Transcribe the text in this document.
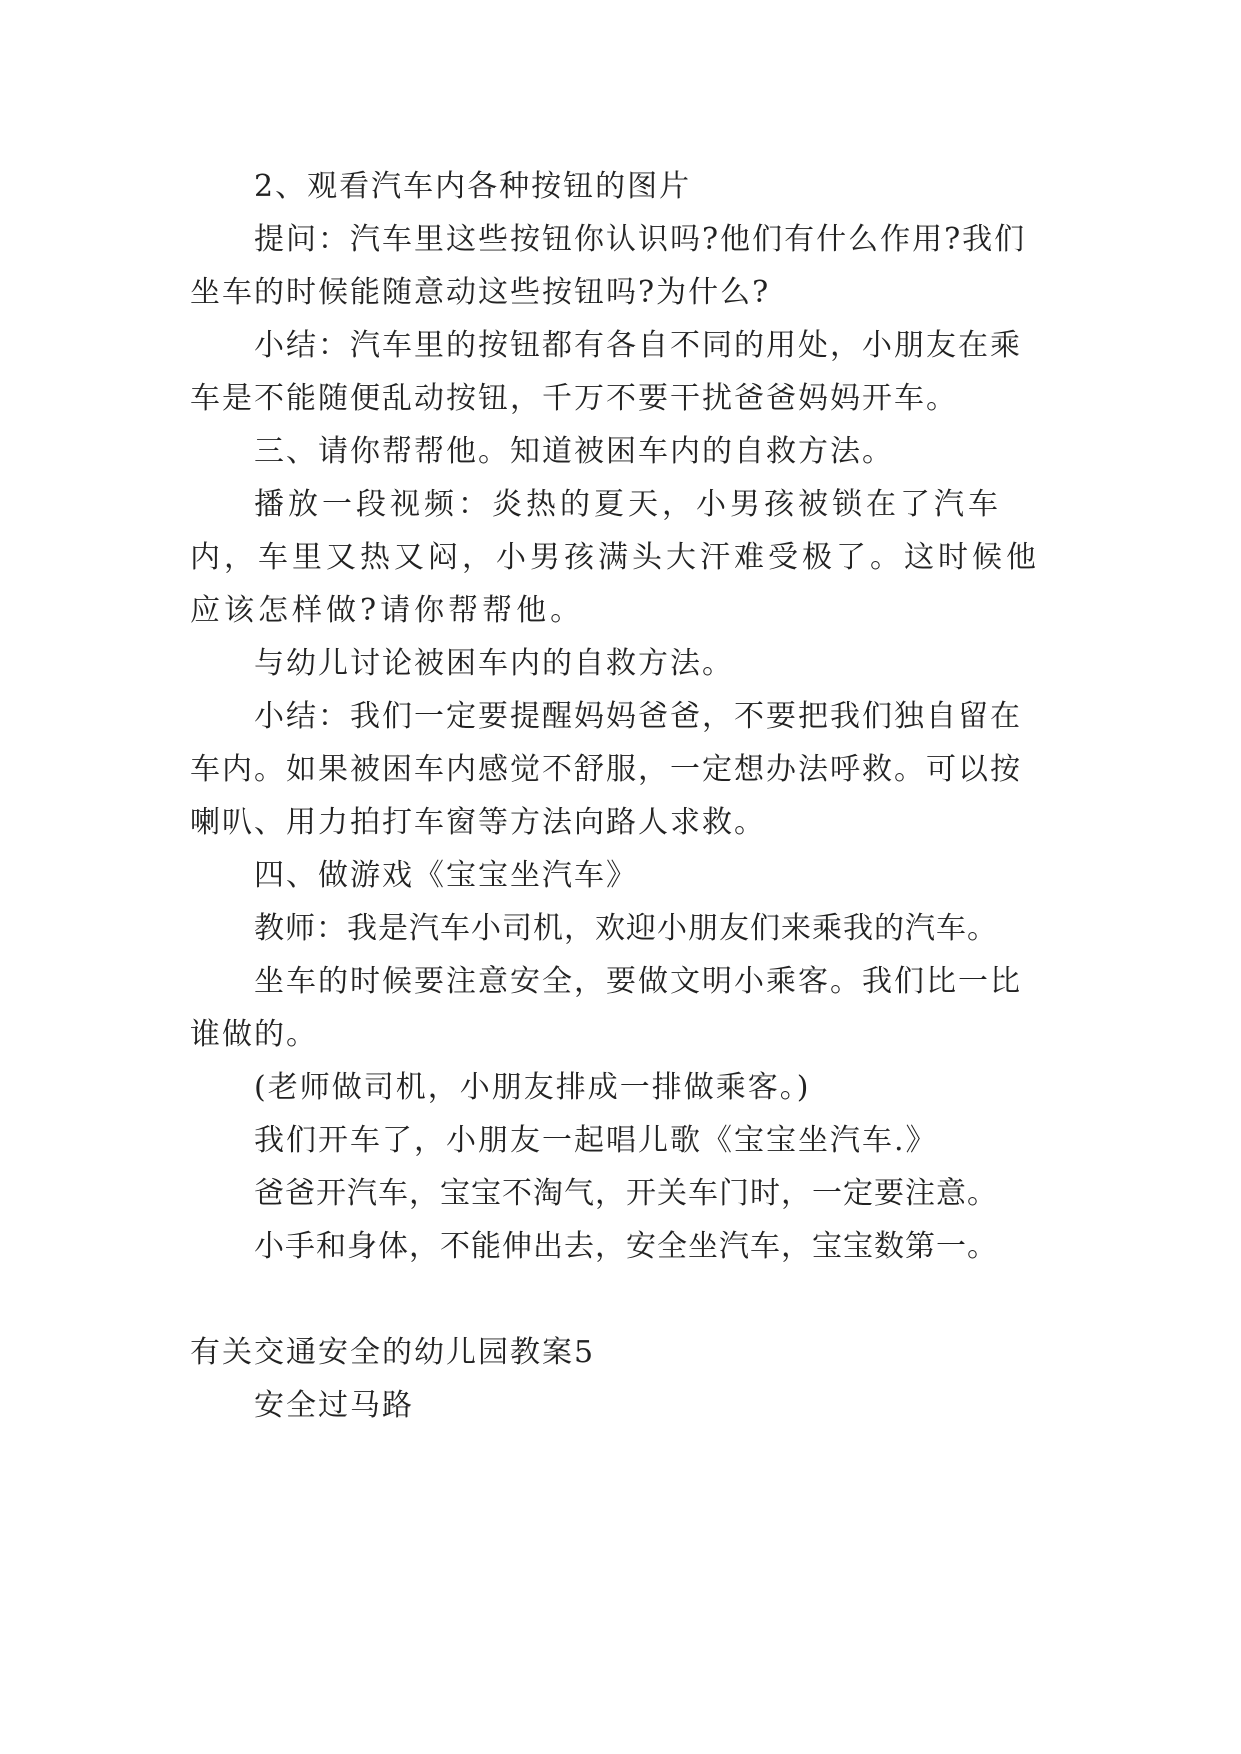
2、观看汽车内各种按钮的图片

提问：汽车里这些按钮你认识吗?他们有什么作用?我们坐车的时候能随意动这些按钮吗?为什么?

小结：汽车里的按钮都有各自不同的用处，小朋友在乘车是不能随便乱动按钮，千万不要干扰爸爸妈妈开车。

三、请你帮帮他。知道被困车内的自救方法。

播放一段视频：炎热的夏天，小男孩被锁在了汽车内，车里又热又闷，小男孩满头大汗难受极了。这时候他应该怎样做?请你帮帮他。

与幼儿讨论被困车内的自救方法。

小结：我们一定要提醒妈妈爸爸，不要把我们独自留在车内。如果被困车内感觉不舒服，一定想办法呼救。可以按喇叭、用力拍打车窗等方法向路人求救。

四、做游戏《宝宝坐汽车》

教师：我是汽车小司机，欢迎小朋友们来乘我的汽车。

坐车的时候要注意安全，要做文明小乘客。我们比一比谁做的。

(老师做司机，小朋友排成一排做乘客。)

我们开车了，小朋友一起唱儿歌《宝宝坐汽车.》

爸爸开汽车，宝宝不淘气，开关车门时，一定要注意。

小手和身体，不能伸出去，安全坐汽车，宝宝数第一。

有关交通安全的幼儿园教案5

安全过马路
